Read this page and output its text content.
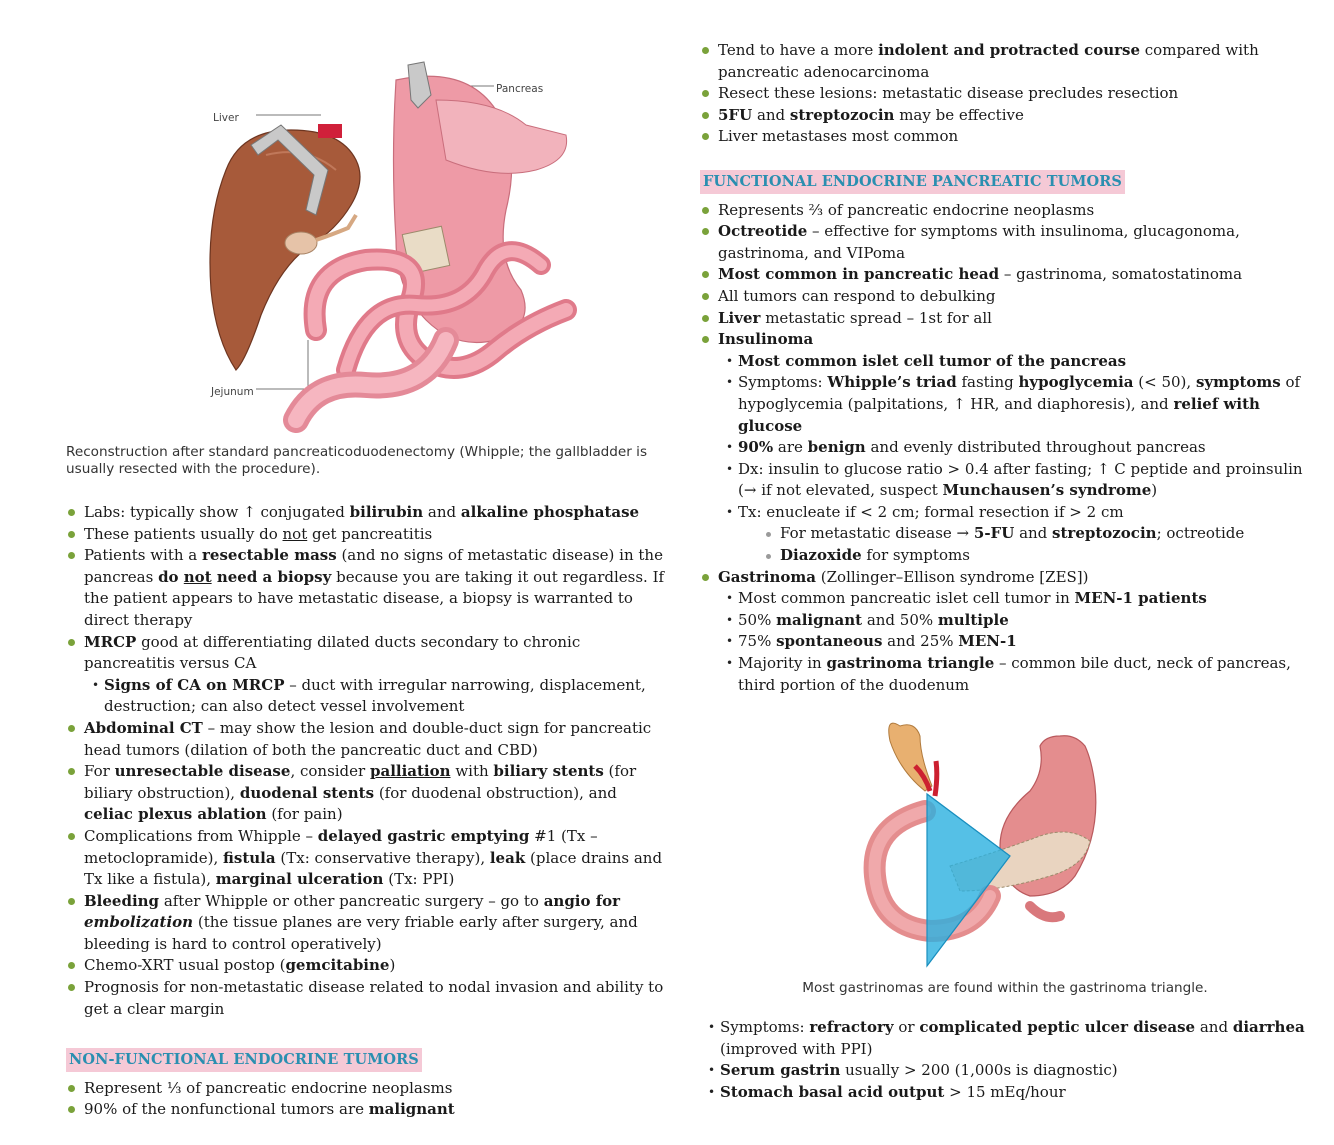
Liver
Pancreas
Jejunum

Reconstruction after standard pancreaticoduodenectomy (Whipple; the gallbladder is usually resected with the procedure).

Labs: typically show ↑ conjugated bilirubin and alkaline phosphatase
These patients usually do not get pancreatitis
Patients with a resectable mass (and no signs of metastatic disease) in the pancreas do not need a biopsy because you are taking it out regardless. If the patient appears to have metastatic disease, a biopsy is warranted to direct therapy
MRCP good at differentiating dilated ducts secondary to chronic pancreatitis versus CA
• Signs of CA on MRCP – duct with irregular narrowing, displacement, destruction; can also detect vessel involvement
Abdominal CT – may show the lesion and double-duct sign for pancreatic head tumors (dilation of both the pancreatic duct and CBD)
For unresectable disease, consider palliation with biliary stents (for biliary obstruction), duodenal stents (for duodenal obstruction), and celiac plexus ablation (for pain)
Complications from Whipple – delayed gastric emptying #1 (Tx – metoclopramide), fistula (Tx: conservative therapy), leak (place drains and Tx like a fistula), marginal ulceration (Tx: PPI)
Bleeding after Whipple or other pancreatic surgery – go to angio for embolization (the tissue planes are very friable early after surgery, and bleeding is hard to control operatively)
Chemo-XRT usual postop (gemcitabine)
Prognosis for non-metastatic disease related to nodal invasion and ability to get a clear margin
NON-FUNCTIONAL ENDOCRINE TUMORS
Represent ⅓ of pancreatic endocrine neoplasms
90% of the nonfunctional tumors are malignant
Tend to have a more indolent and protracted course compared with pancreatic adenocarcinoma
Resect these lesions: metastatic disease precludes resection
5FU and streptozocin may be effective
Liver metastases most common
FUNCTIONAL ENDOCRINE PANCREATIC TUMORS
Represents ⅔ of pancreatic endocrine neoplasms
Octreotide – effective for symptoms with insulinoma, glucagonoma, gastrinoma, and VIPoma
Most common in pancreatic head – gastrinoma, somatostatinoma
All tumors can respond to debulking
Liver metastatic spread – 1st for all
Insulinoma
• Most common islet cell tumor of the pancreas
• Symptoms: Whipple’s triad fasting hypoglycemia (< 50), symptoms of hypoglycemia (palpitations, ↑ HR, and diaphoresis), and relief with glucose
• 90% are benign and evenly distributed throughout pancreas
• Dx: insulin to glucose ratio > 0.4 after fasting; ↑ C peptide and proinsulin (→ if not elevated, suspect Munchausen’s syndrome)
• Tx: enucleate if < 2 cm; formal resection if > 2 cm
For metastatic disease → 5-FU and streptozocin; octreotide
Diazoxide for symptoms
Gastrinoma (Zollinger–Ellison syndrome [ZES])
• Most common pancreatic islet cell tumor in MEN-1 patients
• 50% malignant and 50% multiple
• 75% spontaneous and 25% MEN-1
• Majority in gastrinoma triangle – common bile duct, neck of pancreas, third portion of the duodenum

Most gastrinomas are found within the gastrinoma triangle.

• Symptoms: refractory or complicated peptic ulcer disease and diarrhea (improved with PPI)
• Serum gastrin usually > 200 (1,000s is diagnostic)
• Stomach basal acid output > 15 mEq/hour
